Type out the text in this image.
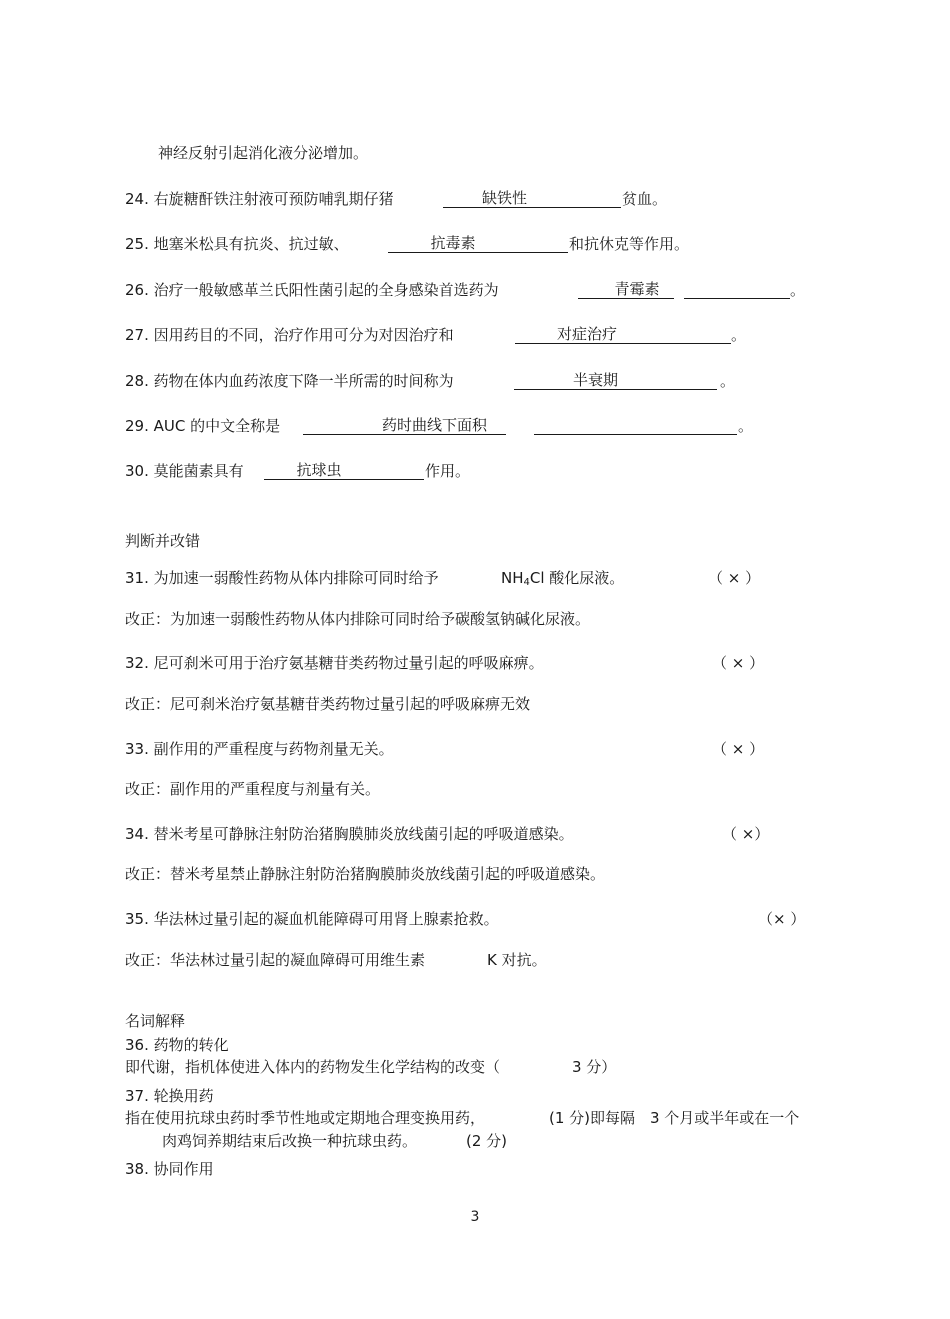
神经反射引起消化液分泌增加。
24. 右旋糖酐铁注射液可预防哺乳期仔猪	缺铁性	贫血。
25. 地塞米松具有抗炎、抗过敏、	抗毒素	和抗休克等作用。
26. 治疗一般敏感革兰氏阳性菌引起的全身感染首选药为	青霉素	。
27. 因用药目的不同，治疗作用可分为对因治疗和	对症治疗	。
28. 药物在体内血药浓度下降一半所需的时间称为	半衰期	。
29. AUC 的中文全称是	药时曲线下面积	。
30. 莫能菌素具有	抗球虫	作用。
判断并改错
31. 为加速一弱酸性药物从体内排除可同时给予	$NH_4Cl$ 酸化尿液。	（ × ）
改正：为加速一弱酸性药物从体内排除可同时给予碳酸氢钠碱化尿液。
32. 尼可刹米可用于治疗氨基糖苷类药物过量引起的呼吸麻痹。	（ × ）
改正：尼可刹米治疗氨基糖苷类药物过量引起的呼吸麻痹无效
33. 副作用的严重程度与药物剂量无关。	（ × ）
改正：副作用的严重程度与剂量有关。
34. 替米考星可静脉注射防治猪胸膜肺炎放线菌引起的呼吸道感染。	（ ×）
改正：替米考星禁止静脉注射防治猪胸膜肺炎放线菌引起的呼吸道感染。
35. 华法林过量引起的凝血机能障碍可用肾上腺素抢救。	（× ）
改正：华法林过量引起的凝血障碍可用维生素	K 对抗。
名词解释
36. 药物的转化
即代谢，指机体使进入体内的药物发生化学结构的改变（	3 分）
37. 轮换用药
指在使用抗球虫药时季节性地或定期地合理变换用药，	(1 分)即每隔 3 个月或半年或在一个
肉鸡饲养期结束后改换一种抗球虫药。	(2 分)
38. 协同作用
3
